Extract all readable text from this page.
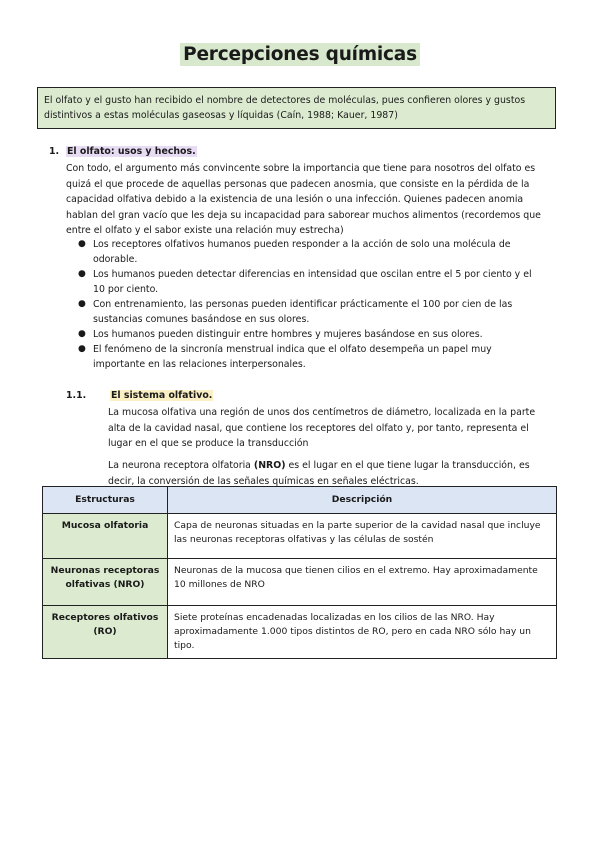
Percepciones químicas
El olfato y el gusto han recibido el nombre de detectores de moléculas, pues confieren olores y gustos distintivos a estas moléculas gaseosas y líquidas (Caín, 1988; Kauer, 1987)
1. El olfato: usos y hechos.
Con todo, el argumento más convincente sobre la importancia que tiene para nosotros del olfato es quizá el que procede de aquellas personas que padecen anosmia, que consiste en la pérdida de la capacidad olfativa debido a la existencia de una lesión o una infección. Quienes padecen anomia hablan del gran vacío que les deja su incapacidad para saborear muchos alimentos (recordemos que entre el olfato y el sabor existe una relación muy estrecha)
● Los receptores olfativos humanos pueden responder a la acción de solo una molécula de odorable.
● Los humanos pueden detectar diferencias en intensidad que oscilan entre el 5 por ciento y el 10 por ciento.
● Con entrenamiento, las personas pueden identificar prácticamente el 100 por cien de las sustancias comunes basándose en sus olores.
● Los humanos pueden distinguir entre hombres y mujeres basándose en sus olores.
● El fenómeno de la sincronía menstrual indica que el olfato desempeña un papel muy importante en las relaciones interpersonales.
1.1.	El sistema olfativo.
La mucosa olfativa una región de unos dos centímetros de diámetro, localizada en la parte alta de la cavidad nasal, que contiene los receptores del olfato y, por tanto, representa el lugar en el que se produce la transducción
La neurona receptora olfatoria (NRO) es el lugar en el que tiene lugar la transducción, es decir, la conversión de las señales químicas en señales eléctricas.
Estructuras	Descripción
Mucosa olfatoria	Capa de neuronas situadas en la parte superior de la cavidad nasal que incluye las neuronas receptoras olfativas y las células de sostén
Neuronas receptoras olfativas (NRO)	Neuronas de la mucosa que tienen cilios en el extremo. Hay aproximadamente 10 millones de NRO
Receptores olfativos (RO)	Siete proteínas encadenadas localizadas en los cilios de las NRO. Hay aproximadamente 1.000 tipos distintos de RO, pero en cada NRO sólo hay un tipo.
